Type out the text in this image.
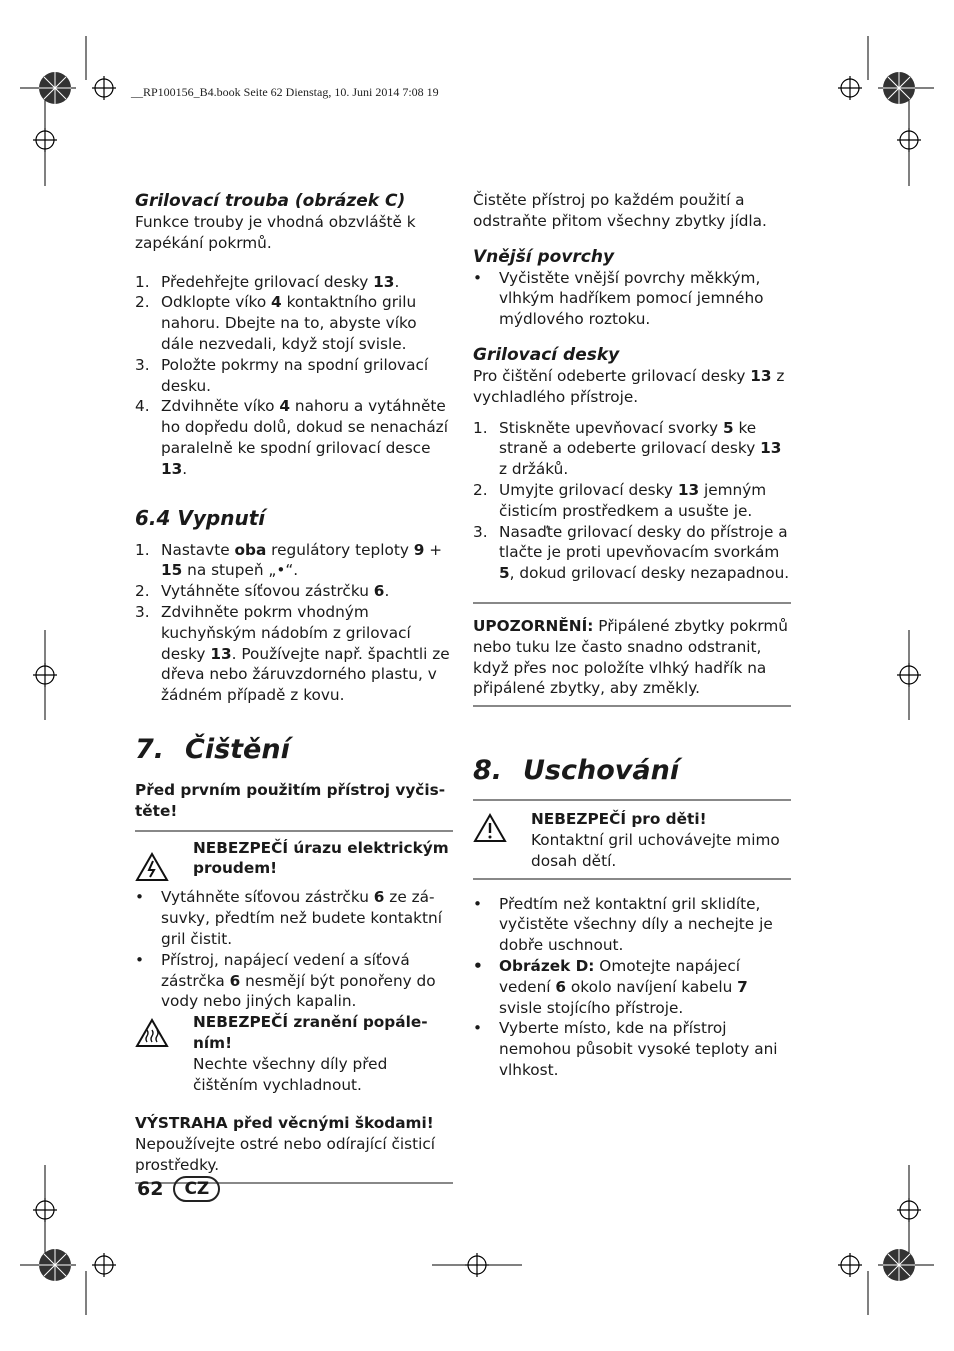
__RP100156_B4.book Seite 62 Dienstag, 10. Juni 2014 7:08 19

Grilovací trouba (obrázek C)

Funkce trouby je vhodná obzvláště k zapékání pokrmů.

1. Předehřejte grilovací desky 13.
2. Odklopte víko 4 kontaktního grilu nahoru. Dbejte na to, abyste víko dále nezvedali, když stojí svisle.
3. Položte pokrmy na spodní grilovací desku.
4. Zdvihněte víko 4 nahoru a vytáhněte ho dopředu dolů, dokud se nenachází paralelně ke spodní grilovací desce 13.

6.4 Vypnutí

1. Nastavte oba regulátory teploty 9 + 15 na stupeň „•“.
2. Vytáhněte síťovou zástrčku 6.
3. Zdvihněte pokrm vhodným kuchyňským nádobím z grilovací desky 13. Používejte např. špachtli ze dřeva nebo žáruvzdorného plastu, v žádném případě z kovu.
7. Čištění

Před prvním použitím přístroj vyčistěte!

NEBEZPEČÍ úrazu elektrickým proudem!

•	Vytáhněte síťovou zástrčku 6 ze zásuvky, předtím než budete kontaktní gril čistit.
•	Přístroj, napájecí vedení a síťová zástrčka 6 nesmějí být ponořeny do vody nebo jiných kapalin.

NEBEZPEČÍ zranění popálením!

Nechte všechny díly před čištěním vychladnout.

VÝSTRAHA před věcnými škodami!

Nepoužívejte ostré nebo odírající čisticí prostředky.

Čistěte přístroj po každém použití a odstraňte přitom všechny zbytky jídla.

Vnější povrchy

•	Vyčistěte vnější povrchy měkkým, vlhkým hadříkem pomocí jemného mýdlového roztoku.

Grilovací desky

Pro čištění odeberte grilovací desky 13 z vychladlého přístroje.

1. Stiskněte upevňovací svorky 5 ke straně a odeberte grilovací desky 13 z držáků.
2. Umyjte grilovací desky 13 jemným čisticím prostředkem a usušte je.
3. Nasaďte grilovací desky do přístroje a tlačte je proti upevňovacím svorkám 5, dokud grilovací desky nezapadnou.

UPOZORNĚNÍ: Připálené zbytky pokrmů nebo tuku lze často snadno odstranit, když přes noc položíte vlhký hadřík na připálené zbytky, aby změkly.

8. Uschování

NEBEZPEČÍ pro děti!

Kontaktní gril uchovávejte mimo dosah dětí.

•	Předtím než kontaktní gril sklidíte, vyčistěte všechny díly a nechejte je dobře uschnout.
•	Obrázek D: Omotejte napájecí vedení 6 okolo navíjení kabelu 7 svisle stojícího přístroje.
•	Vyberte místo, kde na přístroj nemohou působit vysoké teploty ani vlhkost.
62	CZ
